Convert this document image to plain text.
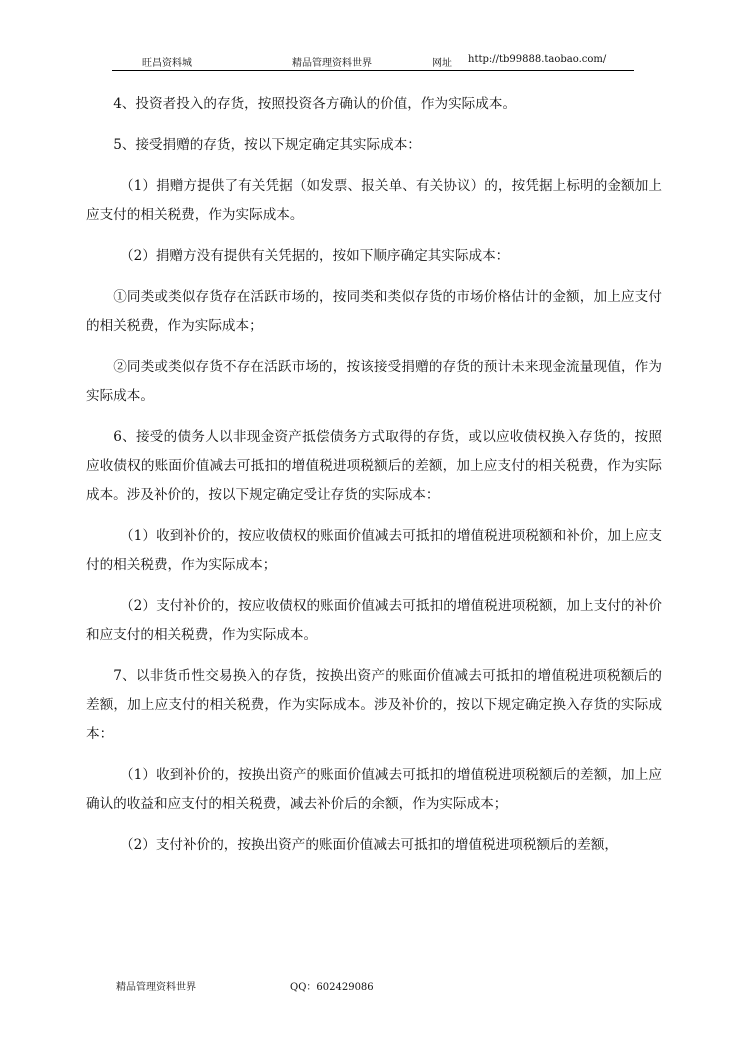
旺昌资料城	精品管理资料世界	网址 http://tb99888.taobao.com/

4、投资者投入的存货，按照投资各方确认的价值，作为实际成本。

5、接受捐赠的存货，按以下规定确定其实际成本：

（1）捐赠方提供了有关凭据（如发票、报关单、有关协议）的，按凭据上标明的金额加上应支付的相关税费，作为实际成本。

（2）捐赠方没有提供有关凭据的，按如下顺序确定其实际成本：

①同类或类似存货存在活跃市场的，按同类和类似存货的市场价格估计的金额，加上应支付的相关税费，作为实际成本；

②同类或类似存货不存在活跃市场的，按该接受捐赠的存货的预计未来现金流量现值，作为实际成本。

6、接受的债务人以非现金资产抵偿债务方式取得的存货，或以应收债权换入存货的，按照应收债权的账面价值减去可抵扣的增值税进项税额后的差额，加上应支付的相关税费，作为实际成本。涉及补价的，按以下规定确定受让存货的实际成本：

（1）收到补价的，按应收债权的账面价值减去可抵扣的增值税进项税额和补价，加上应支付的相关税费，作为实际成本；

（2）支付补价的，按应收债权的账面价值减去可抵扣的增值税进项税额，加上支付的补价和应支付的相关税费，作为实际成本。

7、以非货币性交易换入的存货，按换出资产的账面价值减去可抵扣的增值税进项税额后的差额，加上应支付的相关税费，作为实际成本。涉及补价的，按以下规定确定换入存货的实际成本：

（1）收到补价的，按换出资产的账面价值减去可抵扣的增值税进项税额后的差额，加上应确认的收益和应支付的相关税费，减去补价后的余额，作为实际成本；

（2）支付补价的，按换出资产的账面价值减去可抵扣的增值税进项税额后的差额，

精品管理资料世界	QQ：602429086
